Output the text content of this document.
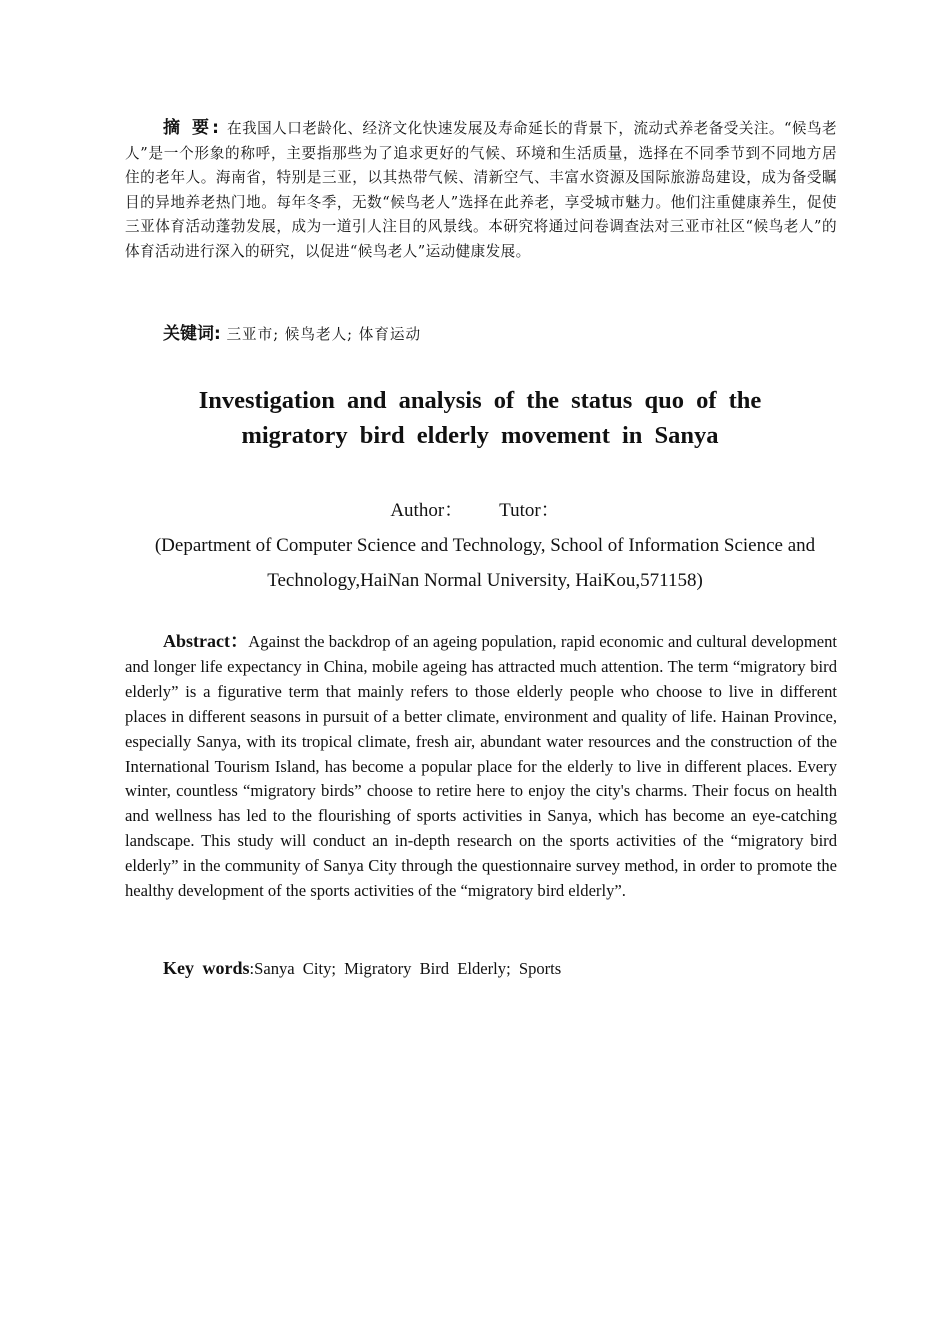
摘 要: 在我国人口老龄化、经济文化快速发展及寿命延长的背景下，流动式养老备受关注。“候鸟老人”是一个形象的称呼，主要指那些为了追求更好的气候、环境和生活质量，选择在不同季节到不同地方居住的老年人。海南省，特别是三亚，以其热带气候、清新空气、丰富水资源及国际旅游岛建设，成为备受瞩目的异地养老热门地。每年冬季，无数“候鸟老人”选择在此养老，享受城市魅力。他们注重健康养生，促使三亚体育活动蓬勃发展，成为一道引人注目的风景线。本研究将通过问卷调查法对三亚市社区“候鸟老人”的体育活动进行深入的研究，以促进“候鸟老人”运动健康发展。

关键词: 三亚市; 候鸟老人; 体育运动

Investigation and analysis of the status quo of the
migratory bird elderly movement in Sanya

Author： Tutor：

(Department of Computer Science and Technology, School of Information Science and Technology,HaiNan Normal University, HaiKou,571158)

Abstract：Against the backdrop of an ageing population, rapid economic and cultural development and longer life expectancy in China, mobile ageing has attracted much attention. The term “migratory bird elderly” is a figurative term that mainly refers to those elderly people who choose to live in different places in different seasons in pursuit of a better climate, environment and quality of life. Hainan Province, especially Sanya, with its tropical climate, fresh air, abundant water resources and the construction of the International Tourism Island, has become a popular place for the elderly to live in different places. Every winter, countless “migratory birds” choose to retire here to enjoy the city's charms. Their focus on health and wellness has led to the flourishing of sports activities in Sanya, which has become an eye-catching landscape. This study will conduct an in-depth research on the sports activities of the “migratory bird elderly” in the community of Sanya City through the questionnaire survey method, in order to promote the healthy development of the sports activities of the “migratory bird elderly”.

Key words:Sanya City; Migratory Bird Elderly; Sports
